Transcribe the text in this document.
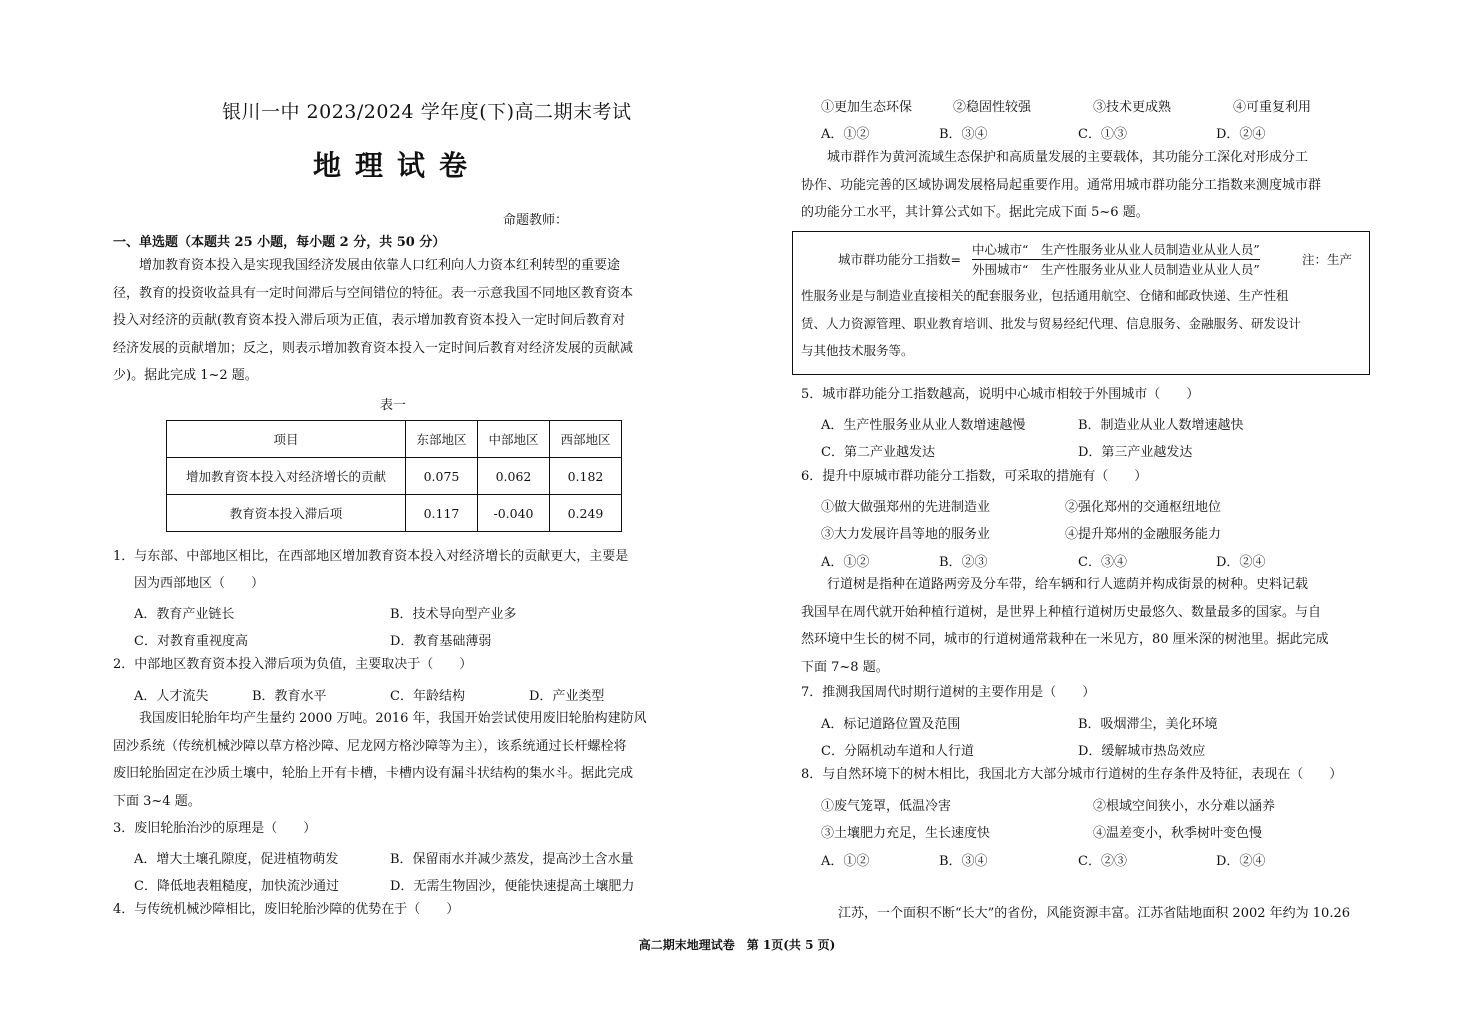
银川一中 2023/2024 学年度(下)高二期末考试
地理试卷
命题教师：
一、单选题（本题共 25 小题，每小题 2 分，共 50 分）
增加教育资本投入是实现我国经济发展由依靠人口红利向人力资本红利转型的重要途
径，教育的投资收益具有一定时间滞后与空间错位的特征。表一示意我国不同地区教育资本
投入对经济的贡献(教育资本投入滞后项为正值，表示增加教育资本投入一定时间后教育对
经济发展的贡献增加；反之，则表示增加教育资本投入一定时间后教育对经济发展的贡献减
少)。据此完成 1~2 题。
表一
项目	东部地区	中部地区	西部地区
增加教育资本投入对经济增长的贡献	0.075	0.062	0.182
教育资本投入滞后项	0.117	-0.040	0.249
1．与东部、中部地区相比，在西部地区增加教育资本投入对经济增长的贡献更大，主要是
因为西部地区（　　）
A．教育产业链长	B．技术导向型产业多
C．对教育重视度高	D．教育基础薄弱
2．中部地区教育资本投入滞后项为负值，主要取决于（　　）
A．人才流失	B．教育水平	C．年龄结构	D．产业类型
我国废旧轮胎年均产生量约 2000 万吨。2016 年，我国开始尝试使用废旧轮胎构建防风
固沙系统（传统机械沙障以草方格沙障、尼龙网方格沙障等为主），该系统通过长杆螺栓将
废旧轮胎固定在沙质土壤中，轮胎上开有卡槽，卡槽内设有漏斗状结构的集水斗。据此完成
下面 3~4 题。
3．废旧轮胎治沙的原理是（　　）
A．增大土壤孔隙度，促进植物萌发	B．保留雨水并减少蒸发，提高沙土含水量
C．降低地表粗糙度，加快流沙通过	D．无需生物固沙，便能快速提高土壤肥力
4．与传统机械沙障相比，废旧轮胎沙障的优势在于（　　）
①更加生态环保	②稳固性较强	③技术更成熟	④可重复利用
A．①②	B．③④	C．①③	D．②④
城市群作为黄河流域生态保护和高质量发展的主要载体，其功能分工深化对形成分工
协作、功能完善的区域协调发展格局起重要作用。通常用城市群功能分工指数来测度城市群
的功能分工水平，其计算公式如下。据此完成下面 5~6 题。
城市群功能分工指数=
中心城市“　生产性服务业从业人员制造业从业人员”
外围城市“　生产性服务业从业人员制造业从业人员”
注：生产
性服务业是与制造业直接相关的配套服务业，包括通用航空、仓储和邮政快递、生产性租
赁、人力资源管理、职业教育培训、批发与贸易经纪代理、信息服务、金融服务、研发设计
与其他技术服务等。
5．城市群功能分工指数越高，说明中心城市相较于外围城市（　　）
A．生产性服务业从业人数增速越慢	B．制造业从业人数增速越快
C．第二产业越发达	D．第三产业越发达
6．提升中原城市群功能分工指数，可采取的措施有（　　）
①做大做强郑州的先进制造业	②强化郑州的交通枢纽地位
③大力发展许昌等地的服务业	④提升郑州的金融服务能力
A．①②	B．②③	C．③④	D．②④
行道树是指种在道路两旁及分车带，给车辆和行人遮荫并构成街景的树种。史料记载
我国早在周代就开始种植行道树，是世界上种植行道树历史最悠久、数量最多的国家。与自
然环境中生长的树不同，城市的行道树通常栽种在一米见方，80 厘米深的树池里。据此完成
下面 7~8 题。
7．推测我国周代时期行道树的主要作用是（　　）
A．标记道路位置及范围	B．吸烟滞尘，美化环境
C．分隔机动车道和人行道	D．缓解城市热岛效应
8．与自然环境下的树木相比，我国北方大部分城市行道树的生存条件及特征，表现在（　　）
①废气笼罩，低温冷害	②根域空间狭小，水分难以涵养
③土壤肥力充足，生长速度快	④温差变小，秋季树叶变色慢
A．①②	B．③④	C．②③	D．②④
江苏，一个面积不断“长大”的省份，风能资源丰富。江苏省陆地面积 2002 年约为 10.26
高二期末地理试卷　第 1页(共 5 页)
